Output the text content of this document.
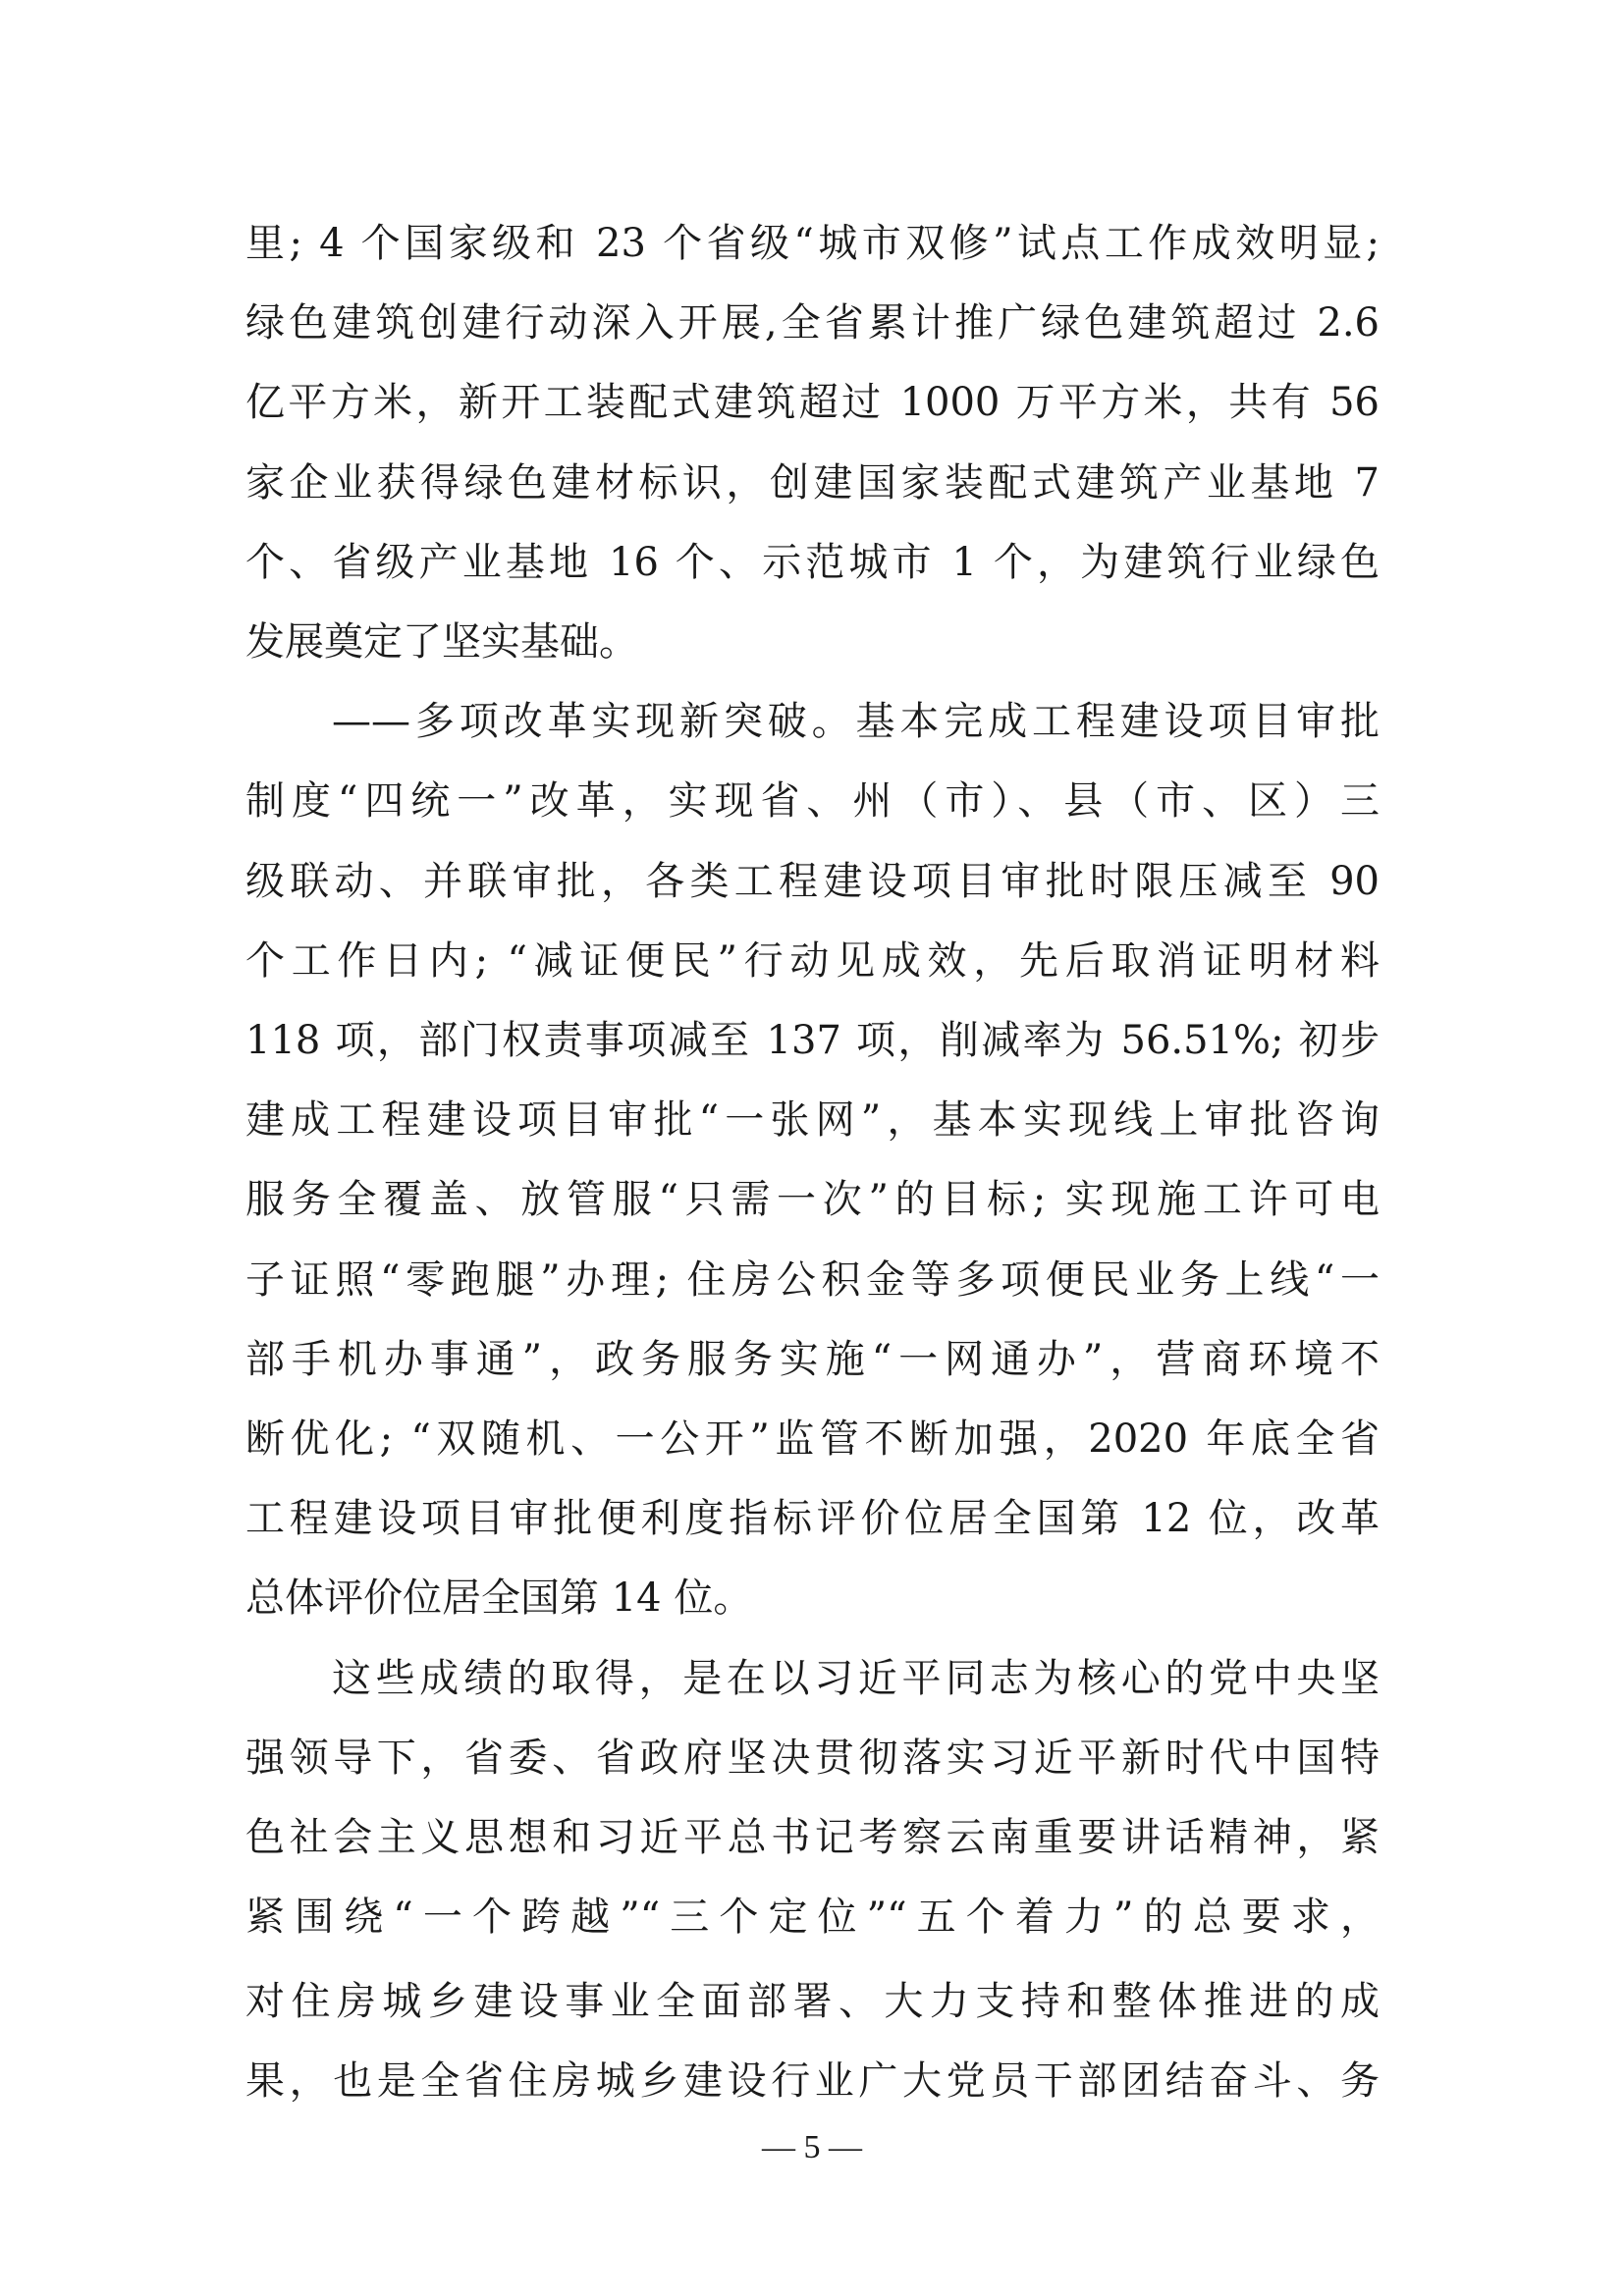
里; 4 个国家级和 23 个省级“城市双修”试点工作成效明显;
绿色建筑创建行动深入开展,全省累计推广绿色建筑超过 2.6
亿平方米，新开工装配式建筑超过 1000 万平方米，共有 56
家企业获得绿色建材标识，创建国家装配式建筑产业基地 7
个、省级产业基地 16 个、示范城市 1 个，为建筑行业绿色
发展奠定了坚实基础。
——多项改革实现新突破。基本完成工程建设项目审批
制度“四统一”改革，实现省、州（市）、县（市、区）三
级联动、并联审批，各类工程建设项目审批时限压减至 90
个工作日内; “减证便民”行动见成效，先后取消证明材料
118 项，部门权责事项减至 137 项，削减率为 56.51%; 初步
建成工程建设项目审批“一张网”，基本实现线上审批咨询
服务全覆盖、放管服“只需一次”的目标; 实现施工许可电
子证照“零跑腿”办理; 住房公积金等多项便民业务上线“一
部手机办事通”，政务服务实施“一网通办”，营商环境不
断优化; “双随机、一公开”监管不断加强，2020 年底全省
工程建设项目审批便利度指标评价位居全国第 12 位，改革
总体评价位居全国第 14 位。
这些成绩的取得，是在以习近平同志为核心的党中央坚
强领导下，省委、省政府坚决贯彻落实习近平新时代中国特
色社会主义思想和习近平总书记考察云南重要讲话精神，紧
紧围绕“一个跨越”“三个定位”“五个着力”的总要求，
对住房城乡建设事业全面部署、大力支持和整体推进的成
果，也是全省住房城乡建设行业广大党员干部团结奋斗、务
— 5 —
